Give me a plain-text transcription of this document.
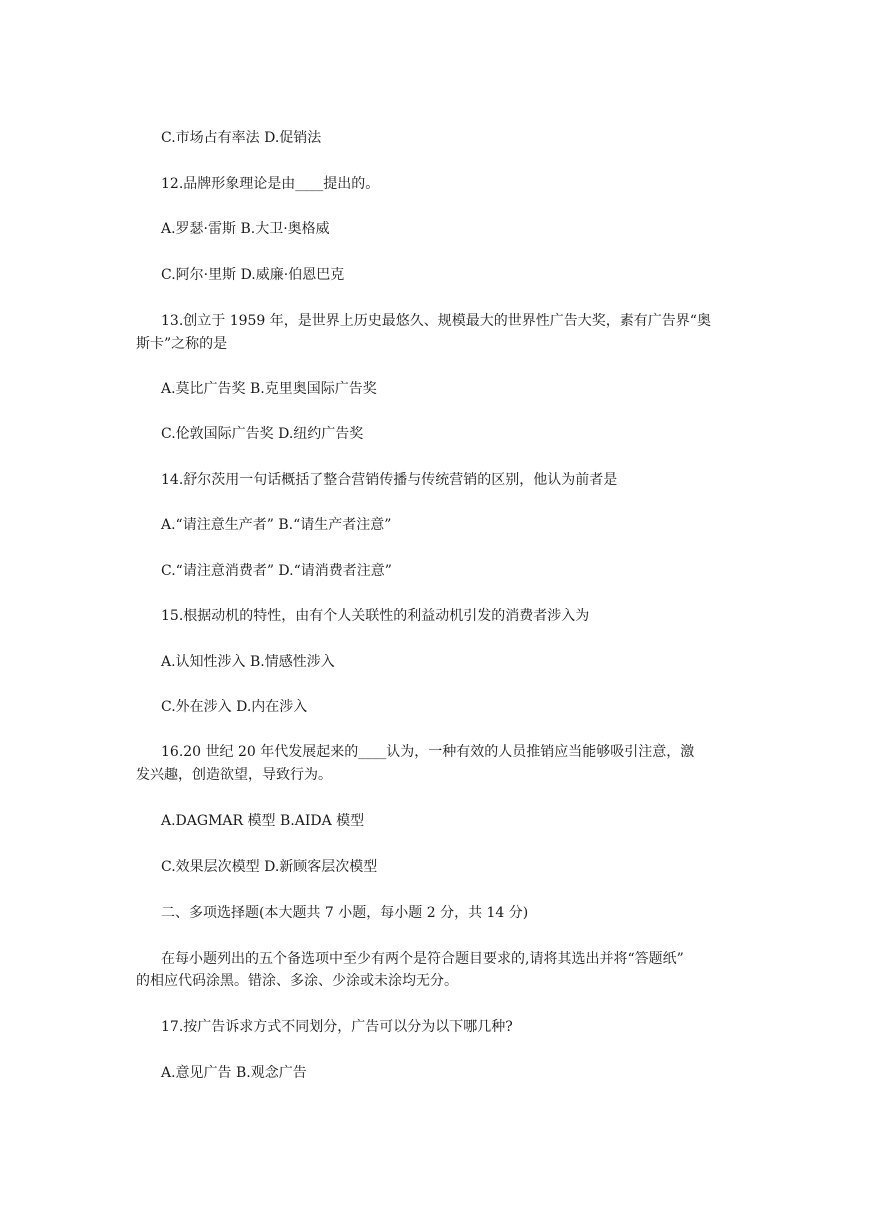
C.市场占有率法 D.促销法
12.品牌形象理论是由____提出的。
A.罗瑟·雷斯 B.大卫·奥格威
C.阿尔·里斯 D.威廉·伯恩巴克
13.创立于 1959 年，是世界上历史最悠久、规模最大的世界性广告大奖，素有广告界“奥
斯卡”之称的是
A.莫比广告奖 B.克里奥国际广告奖
C.伦敦国际广告奖 D.纽约广告奖
14.舒尔茨用一句话概括了整合营销传播与传统营销的区别，他认为前者是
A.“请注意生产者” B.“请生产者注意”
C.“请注意消费者” D.“请消费者注意”
15.根据动机的特性，由有个人关联性的利益动机引发的消费者涉入为
A.认知性涉入 B.情感性涉入
C.外在涉入 D.内在涉入
16.20 世纪 20 年代发展起来的____认为，一种有效的人员推销应当能够吸引注意，激
发兴趣，创造欲望，导致行为。
A.DAGMAR 模型 B.AIDA 模型
C.效果层次模型 D.新顾客层次模型
二、多项选择题(本大题共 7 小题，每小题 2 分，共 14 分)
在每小题列出的五个备选项中至少有两个是符合题目要求的,请将其选出并将“答题纸”
的相应代码涂黑。错涂、多涂、少涂或未涂均无分。
17.按广告诉求方式不同划分，广告可以分为以下哪几种?
A.意见广告 B.观念广告
